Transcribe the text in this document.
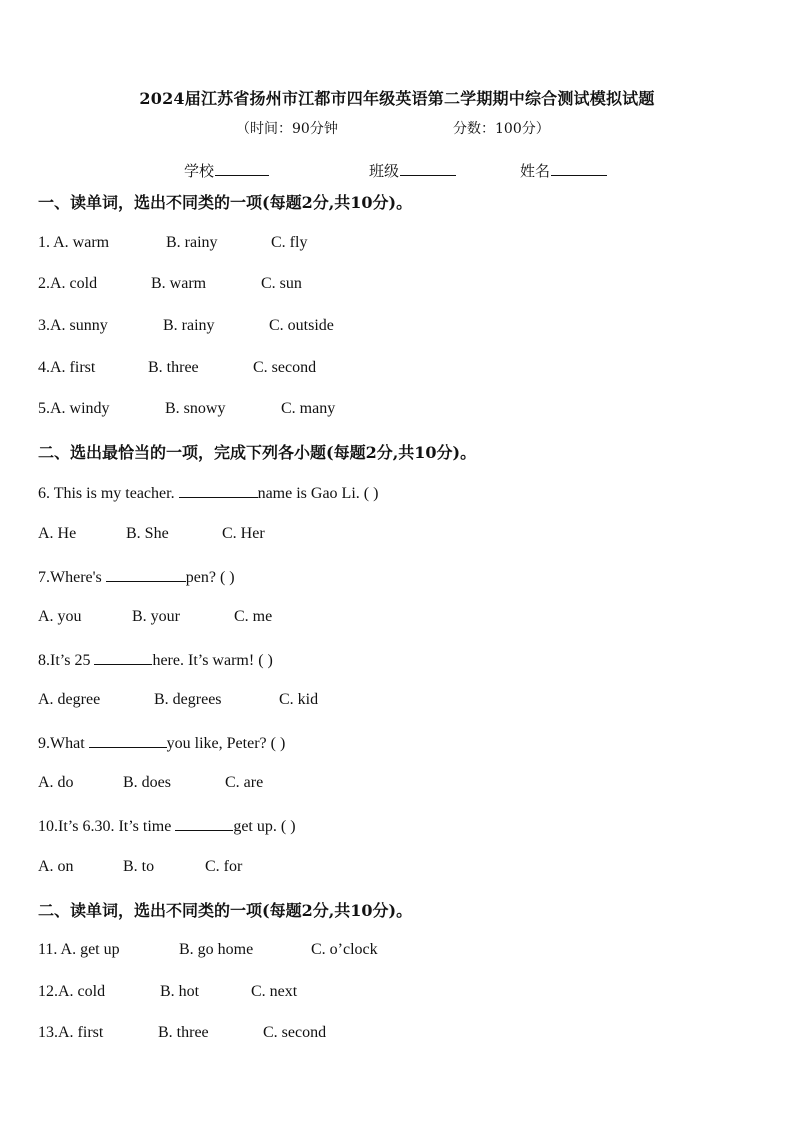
2024届江苏省扬州市江都市四年级英语第二学期期中综合测试模拟试题
（时间：90分钟	分数：100分）
学校	班级	姓名
一、读单词，选出不同类的一项(每题2分,共10分)。
1. A. warm	B. rainy	C. fly
2.A. cold	B. warm	C. sun
3.A. sunny	B. rainy	C. outside
4.A. first	B. three	C. second
5.A. windy	B. snowy	C. many
二、选出最恰当的一项，完成下列各小题(每题2分,共10分)。
6. This is my teacher.	name is Gao Li. ( )
A. He	B. She	C. Her
7.Where's	pen? ( )
A. you	B. your	C. me
8.It’s 25	here. It’s warm! ( )
A. degree	B. degrees	C. kid
9.What	you like, Peter? ( )
A. do	B. does	C. are
10.It’s 6.30. It’s time	get up. ( )
A. on	B. to	C. for
二、读单词，选出不同类的一项(每题2分,共10分)。
11. A. get up	B. go home	C. o’clock
12.A. cold	B. hot	C. next
13.A. first	B. three	C. second
